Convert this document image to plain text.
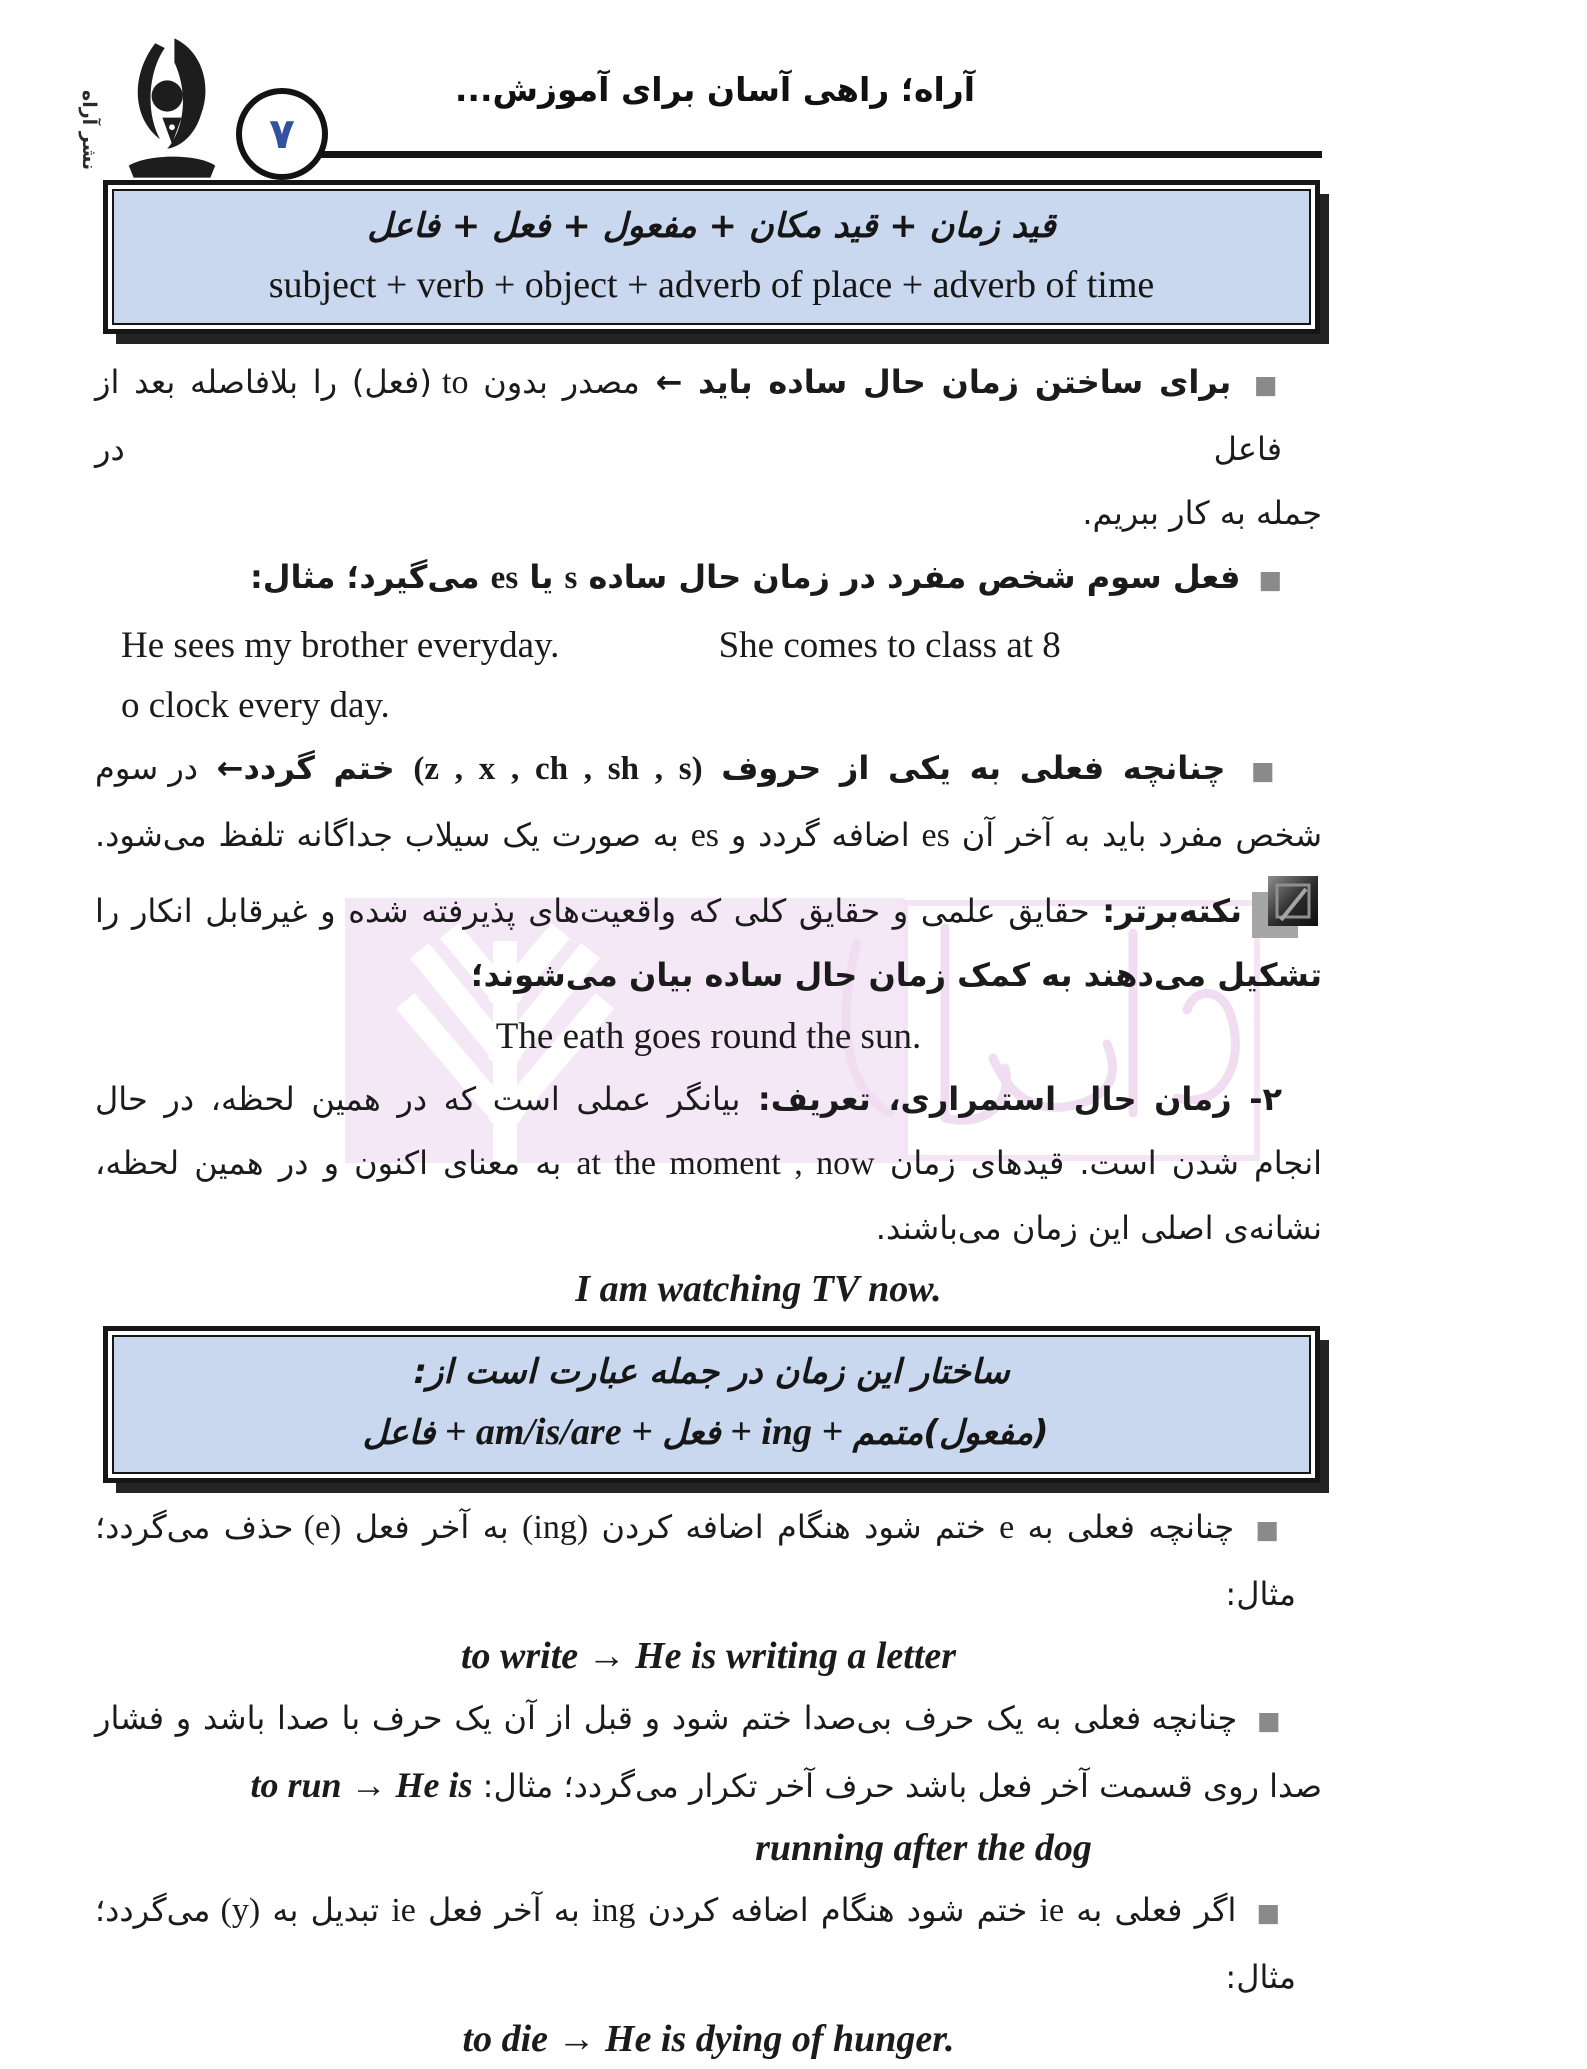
نشر آراه	۷
آراه؛ راهی آسان برای آموزش...
قید زمان + قید مکان + مفعول + فعل + فاعل
subject + verb + object + adverb of place + adverb of time
■ برای ساختن زمان حال ساده باید ← مصدر بدون to (فعل) را بلافاصله بعد از فاعل در
جمله به کار ببریم.
■ فعل سوم شخص مفرد در زمان حال ساده s یا es می‌گیرد؛ مثال:
He sees my brother everyday.	She comes to class at 8
o clock every day.
■ چنانچه فعلی به یکی از حروف (z , x , ch , sh , s) ختم گردد← در سوم
شخص مفرد باید به آخر آن es اضافه گردد و es به صورت یک سیلاب جداگانه تلفظ می‌شود.
نکته‌برتر: حقایق علمی و حقایق کلی که واقعیت‌های پذیرفته شده و غیرقابل انکار را
تشکیل می‌دهند به کمک زمان حال ساده بیان می‌شوند؛
The eath goes round the sun.
۲- زمان حال استمراری، تعریف: بیانگر عملی است که در همین لحظه، در حال
انجام شدن است. قیدهای زمان at the moment , now به معنای اکنون و در همین لحظه،
نشانه‌ی اصلی این زمان می‌باشند.
I am watching TV now.
ساختار این زمان در جمله عبارت است از:
فاعل + am/is/are + فعل + ing + متمم (مفعول)
■ چنانچه فعلی به e ختم شود هنگام اضافه کردن (ing) به آخر فعل (e) حذف می‌گردد؛
مثال:
to write → He is writing a letter
■ چنانچه فعلی به یک حرف بی‌صدا ختم شود و قبل از آن یک حرف با صدا باشد و فشار
صدا روی قسمت آخر فعل باشد حرف آخر تکرار می‌گردد؛ مثال: to run → He is
running after the dog
■ اگر فعلی به ie ختم شود هنگام اضافه کردن ing به آخر فعل ie تبدیل به (y) می‌گردد؛
مثال:
to die → He is dying of hunger.
